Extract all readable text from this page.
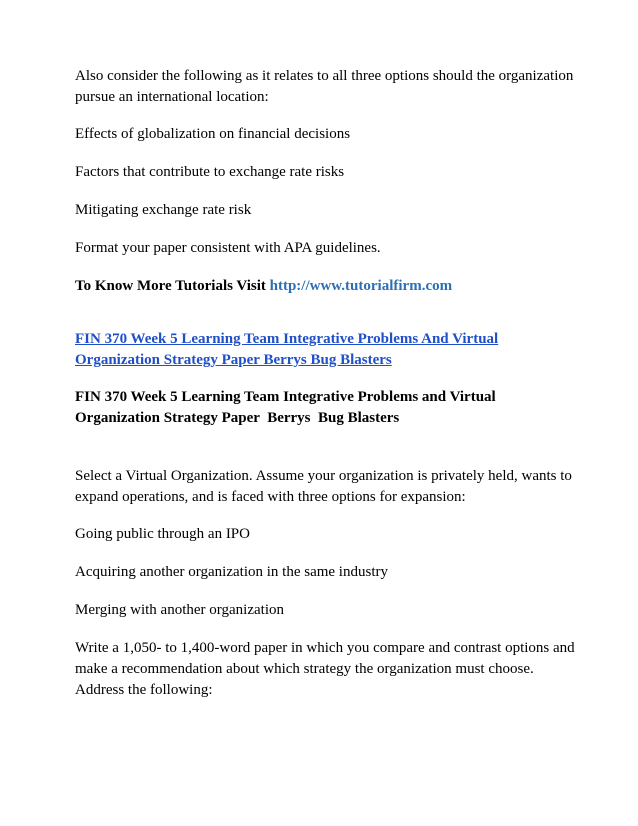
Also consider the following as it relates to all three options should the organization pursue an international location:

Effects of globalization on financial decisions

Factors that contribute to exchange rate risks

Mitigating exchange rate risk

Format your paper consistent with APA guidelines.

To Know More Tutorials Visit http://www.tutorialfirm.com

FIN 370 Week 5 Learning Team Integrative Problems And Virtual Organization Strategy Paper Berrys Bug Blasters

FIN 370 Week 5 Learning Team Integrative Problems and Virtual Organization Strategy Paper  Berrys  Bug Blasters

Select a Virtual Organization. Assume your organization is privately held, wants to expand operations, and is faced with three options for expansion:

Going public through an IPO

Acquiring another organization in the same industry

Merging with another organization

Write a 1,050- to 1,400-word paper in which you compare and contrast options and make a recommendation about which strategy the organization must choose. Address the following:
